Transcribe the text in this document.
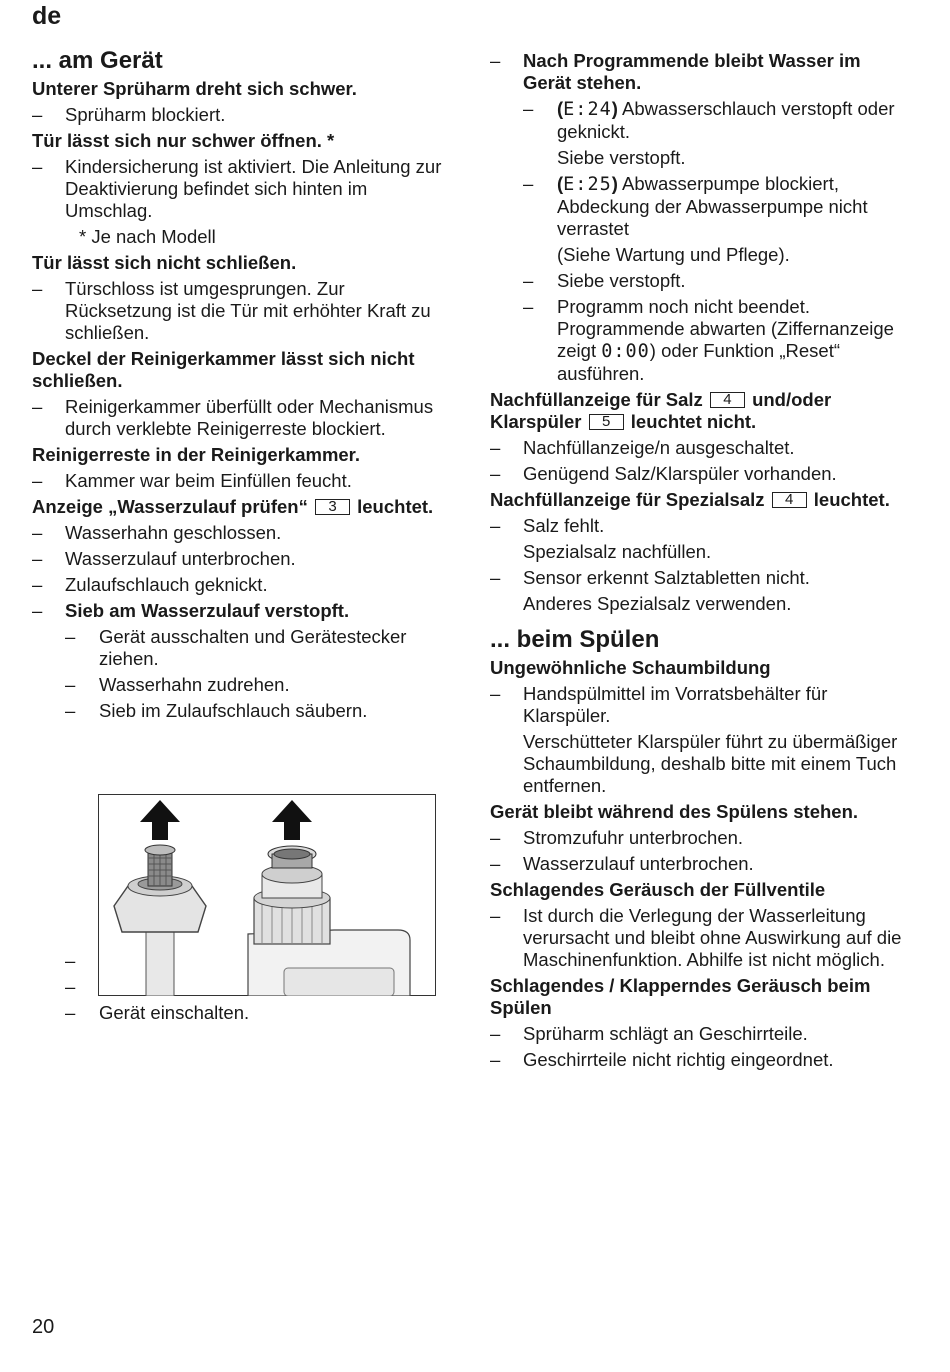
de
... am Gerät
Unterer Sprüharm dreht sich schwer.
– Sprüharm blockiert.
Tür lässt sich nur schwer öffnen. *
– Kindersicherung ist aktiviert. Die Anleitung zur Deaktivierung befindet sich hinten im Umschlag.
* Je nach Modell
Tür lässt sich nicht schließen.
– Türschloss ist umgesprungen. Zur Rücksetzung ist die Tür mit erhöhter Kraft zu schließen.
Deckel der Reinigerkammer lässt sich nicht schließen.
– Reinigerkammer überfüllt oder Mechanismus durch verklebte Reinigerreste blockiert.
Reinigerreste in der Reinigerkammer.
– Kammer war beim Einfüllen feucht.
Anzeige „Wasserzulauf prüfen“ 3 leuchtet.
– Wasserhahn geschlossen.
– Wasserzulauf unterbrochen.
– Zulaufschlauch geknickt.
– Sieb am Wasserzulauf verstopft.
– Gerät ausschalten und Gerätestecker ziehen.
– Wasserhahn zudrehen.
– Sieb im Zulaufschlauch säubern.
–
–
– Gerät einschalten.
– Nach Programmende bleibt Wasser im Gerät stehen.
– (E:24) Abwasserschlauch verstopft oder geknickt.
Siebe verstopft.
– (E:25) Abwasserpumpe blockiert, Abdeckung der Abwasserpumpe nicht verrastet
(Siehe Wartung und Pflege).
– Siebe verstopft.
– Programm noch nicht beendet. Programmende abwarten (Ziffernanzeige zeigt 0:00) oder Funktion „Reset“ ausführen.
Nachfüllanzeige für Salz 4 und/oder Klarspüler 5 leuchtet nicht.
– Nachfüllanzeige/n ausgeschaltet.
– Genügend Salz/Klarspüler vorhanden.
Nachfüllanzeige für Spezialsalz 4 leuchtet.
– Salz fehlt.
Spezialsalz nachfüllen.
– Sensor erkennt Salztabletten nicht.
Anderes Spezialsalz verwenden.
... beim Spülen
Ungewöhnliche Schaumbildung
– Handspülmittel im Vorratsbehälter für Klarspüler.
Verschütteter Klarspüler führt zu übermäßiger Schaumbildung, deshalb bitte mit einem Tuch entfernen.
Gerät bleibt während des Spülens stehen.
– Stromzufuhr unterbrochen.
– Wasserzulauf unterbrochen.
Schlagendes Geräusch der Füllventile
– Ist durch die Verlegung der Wasserleitung verursacht und bleibt ohne Auswirkung auf die Maschinenfunktion. Abhilfe ist nicht möglich.
Schlagendes / Klapperndes Geräusch beim Spülen
– Sprüharm schlägt an Geschirrteile.
– Geschirrteile nicht richtig eingeordnet.
20
